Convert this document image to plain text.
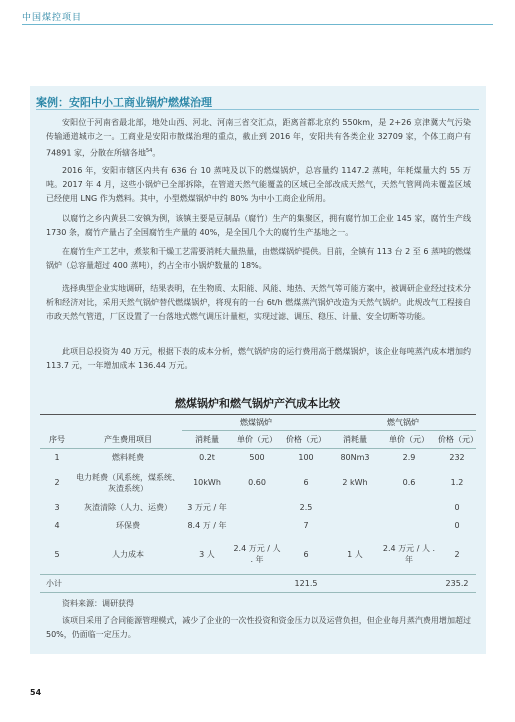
中国煤控项目
案例：安阳中小工商业锅炉燃煤治理
安阳位于河南省最北部，地处山西、河北、河南三省交汇点，距离首都北京约 550km，是 2+26 京津冀大气污染传输通道城市之一。工商业是安阳市散煤治理的重点，截止到 2016 年，安阳共有各类企业 32709 家，个体工商户有 74891 家，分散在所辖各地$^{54}$。
2016 年，安阳市辖区内共有 636 台 10 蒸吨及以下的燃煤锅炉，总容量约 1147.2 蒸吨，年耗煤量大约 55 万吨。2017 年 4 月，这些小锅炉已全部拆除，在管道天然气能覆盖的区域已全部改成天然气，天然气管网尚未覆盖区域已经使用 LNG 作为燃料。其中，小型燃煤锅炉中约 80% 为中小工商企业所用。
以腐竹之乡内黄县二安镇为例，该镇主要是豆制品（腐竹）生产的集聚区，拥有腐竹加工企业 145 家，腐竹生产线 1730 条，腐竹产量占了全国腐竹生产量的 40%，是全国几个大的腐竹生产基地之一。
在腐竹生产工艺中，煮浆和干燥工艺需要消耗大量热量，由燃煤锅炉提供。目前，全镇有 113 台 2 至 6 蒸吨的燃煤锅炉（总容量超过 400 蒸吨），约占全市小锅炉数量的 18%。
选择典型企业实地调研，结果表明，在生物质、太阳能、风能、地热、天然气等可能方案中，被调研企业经过技术分析和经济对比，采用天然气锅炉替代燃煤锅炉，将现有的一台 6t/h 燃煤蒸汽锅炉改造为天然气锅炉。此规改气工程接自市政天然气管道，厂区设置了一台落地式燃气调压计量柜，实现过滤、调压、稳压、计量、安全切断等功能。
此项目总投资为 40 万元，根据下表的成本分析，燃气锅炉房的运行费用高于燃煤锅炉，该企业每吨蒸汽成本增加约 113.7 元，一年增加成本 136.44 万元。
燃煤锅炉和燃气锅炉产汽成本比较
		燃煤锅炉			燃气锅炉		
序号	产生费用项目	消耗量	单价（元）	价格（元）	消耗量	单价（元）	价格（元）
1	燃料耗费	0.2t	500	100	80Nm3	2.9	232
2	电力耗费（风系统，煤系统、灰渣系统）	10kWh	0.60	6	2 kWh	0.6	1.2
3	灰渣清除（人力、运费）	3 万元 / 年		2.5			0
4	环保费	8.4 万 / 年		7			0
5	人力成本	3 人	2.4 万元 / 人 . 年	6	1 人	2.4 万元 / 人 . 年	2
小计				121.5			235.2
资料来源：调研获得
该项目采用了合同能源管理模式，减少了企业的一次性投资和资金压力以及运营负担，但企业每月蒸汽费用增加超过 50%，仍面临一定压力。
54
